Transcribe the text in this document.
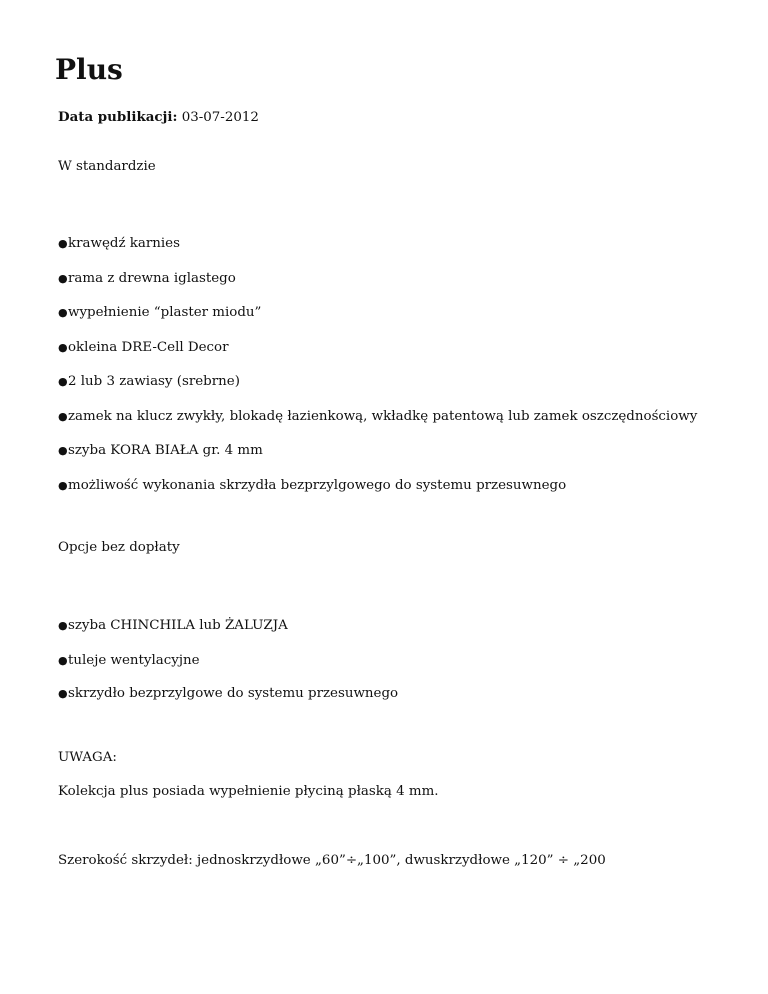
Plus
Data publikacji: 03-07-2012
W standardzie
●krawędź karnies
●rama z drewna iglastego
●wypełnienie “plaster miodu”
●okleina DRE-Cell Decor
●2 lub 3 zawiasy (srebrne)
●zamek na klucz zwykły, blokadę łazienkową, wkładkę patentową lub zamek oszczędnościowy
●szyba KORA BIAŁA gr. 4 mm
●możliwość wykonania skrzydła bezprzylgowego do systemu przesuwnego
Opcje bez dopłaty
●szyba CHINCHILA lub ŻALUZJA
●tuleje wentylacyjne
●skrzydło bezprzylgowe do systemu przesuwnego
UWAGA:
Kolekcja plus posiada wypełnienie płyciną płaską 4 mm.
Szerokość skrzydeł: jednoskrzydłowe „60”÷„100”, dwuskrzydłowe „120” ÷ „200
